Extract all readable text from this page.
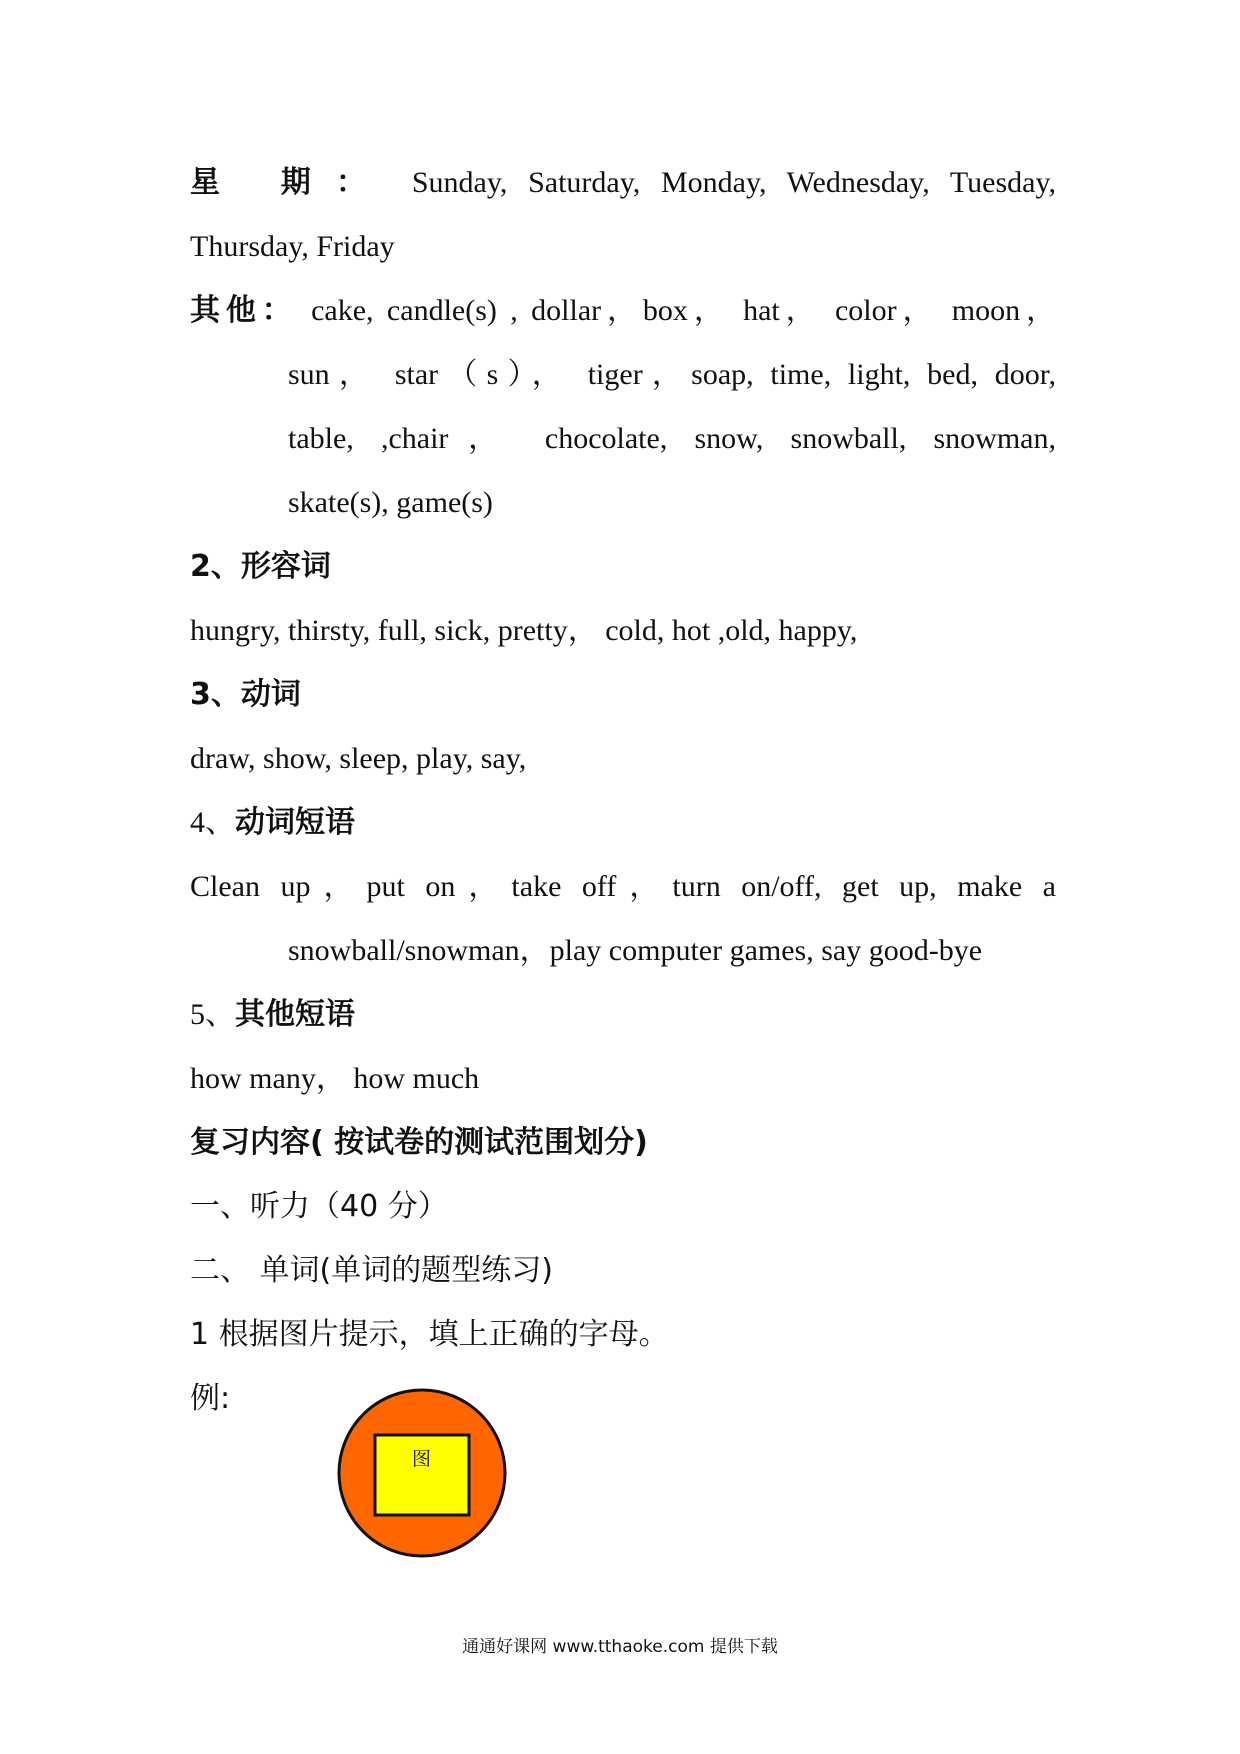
星 期： Sunday, Saturday, Monday, Wednesday, Tuesday,
Thursday, Friday
其他： cake, candle(s) , dollar，box， hat， color， moon，
sun， star（s）， tiger，soap, time, light, bed, door,
table, ,chair， chocolate, snow, snowball, snowman,
skate(s), game(s)
2、形容词
hungry, thirsty, full, sick, pretty， cold, hot ,old, happy,
3、动词
draw, show, sleep, play, say,
4、动词短语
Clean up，put on，take off，turn on/off, get up, make a
snowball/snowman，play computer games, say good-bye
5、其他短语
how many， how much
复习内容( 按试卷的测试范围划分)
一、听力（40 分）
二、 单词(单词的题型练习)
1 根据图片提示，填上正确的字母。
例:
图
通通好课网 www.tthaoke.com 提供下载
